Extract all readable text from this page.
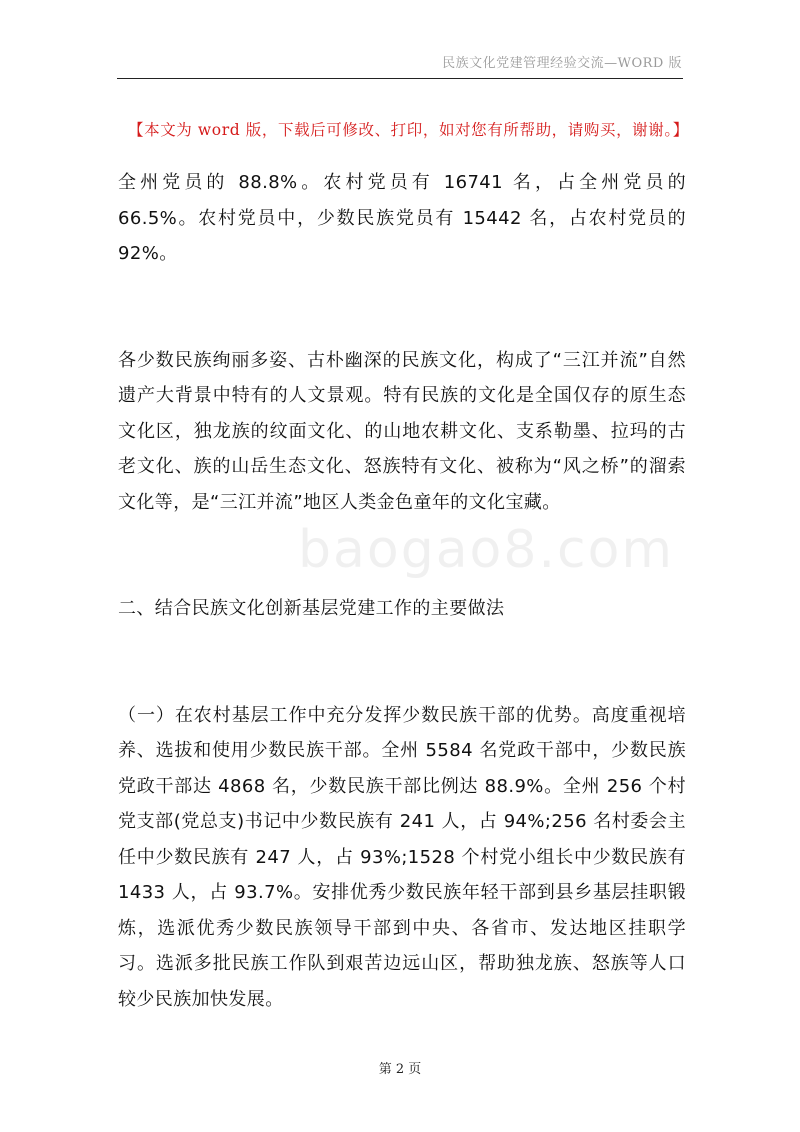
民族文化党建管理经验交流—WORD 版
【本文为 word 版，下载后可修改、打印，如对您有所帮助，请购买，谢谢。】
baogao8.com

全州党员的 88.8%。农村党员有 16741 名，占全州党员的 66.5%。农村党员中，少数民族党员有 15442 名，占农村党员的 92%。

各少数民族绚丽多姿、古朴幽深的民族文化，构成了“三江并流”自然遗产大背景中特有的人文景观。特有民族的文化是全国仅存的原生态文化区，独龙族的纹面文化、的山地农耕文化、支系勒墨、拉玛的古老文化、族的山岳生态文化、怒族特有文化、被称为“风之桥”的溜索文化等，是“三江并流”地区人类金色童年的文化宝藏。

二、结合民族文化创新基层党建工作的主要做法

（一）在农村基层工作中充分发挥少数民族干部的优势。高度重视培养、选拔和使用少数民族干部。全州 5584 名党政干部中，少数民族党政干部达 4868 名，少数民族干部比例达 88.9%。全州 256 个村党支部(党总支)书记中少数民族有 241 人，占 94%;256 名村委会主任中少数民族有 247 人，占 93%;1528 个村党小组长中少数民族有 1433 人，占 93.7%。安排优秀少数民族年轻干部到县乡基层挂职锻炼，选派优秀少数民族领导干部到中央、各省市、发达地区挂职学习。选派多批民族工作队到艰苦边远山区，帮助独龙族、怒族等人口较少民族加快发展。

第 2 页
